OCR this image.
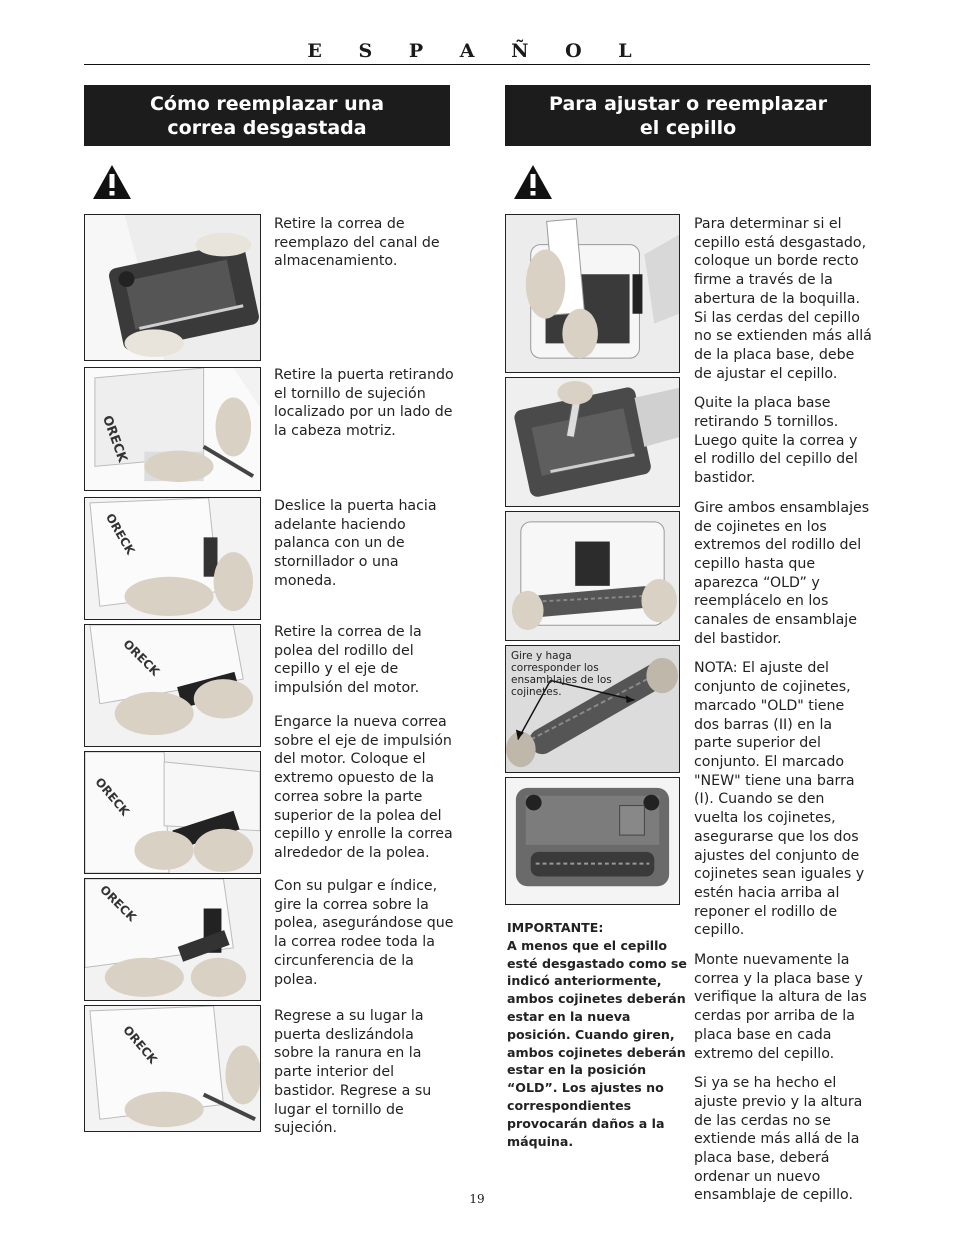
E S P A Ñ O L
Cómo reemplazar una
correa desgastada
Para ajustar o reemplazar
el cepillo
ORECK
ORECK
ORECK
ORECK
ORECK
ORECK
Retire la correa de reemplazo del canal de almacenamiento.
Retire la puerta retirando el tornillo de sujeción localizado por un lado de la cabeza motriz.
Deslice la puerta hacia adelante haciendo palanca con un de stornillador o una moneda.
Retire la correa de la polea del rodillo del cepillo y el eje de impulsión del motor.
Engarce la nueva correa sobre el eje de impulsión del motor. Coloque el extremo opuesto de la correa sobre la parte superior de la polea del cepillo y enrolle la correa alrededor de la polea.
Con su pulgar e índice, gire la correa sobre la polea, asegurándose que la correa rodee toda la circunferencia de la polea.
Regrese a su lugar la puerta deslizándola sobre la ranura en la parte interior del bastidor. Regrese a su lugar el tornillo de sujeción.
Gire y haga corresponder los ensamblajes de los cojinetes.
IMPORTANTE:
A menos que el cepillo esté desgastado como se indicó anteriormente, ambos cojinetes deberán estar en la nueva posición. Cuando giren, ambos cojinetes deberán estar en la posición “OLD”. Los ajustes no correspondientes provocarán daños a la máquina.

Para determinar si el cepillo está desgastado, coloque un borde recto firme a través de la abertura de la boquilla. Si las cerdas del cepillo no se extienden más allá de la placa base, debe de ajustar el cepillo.

Quite la placa base retirando 5 tornillos. Luego quite la correa y el rodillo del cepillo del bastidor.

Gire ambos ensamblajes de cojinetes en los extremos del rodillo del cepillo hasta que aparezca “OLD” y reemplácelo en los canales de ensamblaje del bastidor.

NOTA: El ajuste del conjunto de cojinetes, marcado "OLD" tiene dos barras (II) en la parte superior del conjunto. El marcado "NEW" tiene una barra (I). Cuando se den vuelta los cojinetes, asegurarse que los dos ajustes del conjunto de cojinetes sean iguales y estén hacia arriba al reponer el rodillo de cepillo.

Monte nuevamente la correa y la placa base y verifique la altura de las cerdas por arriba de la placa base en cada extremo del cepillo.

Si ya se ha hecho el ajuste previo y la altura de las cerdas no se extiende más allá de la placa base, deberá ordenar un nuevo ensamblaje de cepillo.

19
